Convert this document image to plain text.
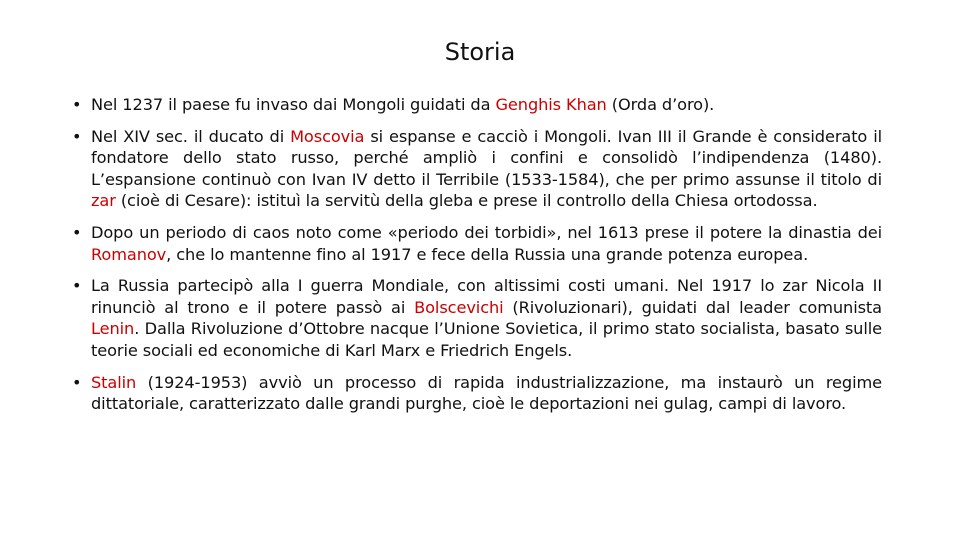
Storia
• Nel 1237 il paese fu invaso dai Mongoli guidati da Genghis Khan (Orda d’oro).
• Nel XIV sec. il ducato di Moscovia si espanse e cacciò i Mongoli. Ivan III il Grande è considerato il fondatore dello stato russo, perché ampliò i confini e consolidò l’indipendenza (1480). L’espansione continuò con Ivan IV detto il Terribile (1533-1584), che per primo assunse il titolo di zar (cioè di Cesare): istituì la servitù della gleba e prese il controllo della Chiesa ortodossa.
• Dopo un periodo di caos noto come «periodo dei torbidi», nel 1613 prese il potere la dinastia dei Romanov, che lo mantenne fino al 1917 e fece della Russia una grande potenza europea.
• La Russia partecipò alla I guerra Mondiale, con altissimi costi umani. Nel 1917 lo zar Nicola II rinunciò al trono e il potere passò ai Bolscevichi (Rivoluzionari), guidati dal leader comunista Lenin. Dalla Rivoluzione d’Ottobre nacque l’Unione Sovietica, il primo stato socialista, basato sulle teorie sociali ed economiche di Karl Marx e Friedrich Engels.
• Stalin (1924-1953) avviò un processo di rapida industrializzazione, ma instaurò un regime dittatoriale, caratterizzato dalle grandi purghe, cioè le deportazioni nei gulag, campi di lavoro.
